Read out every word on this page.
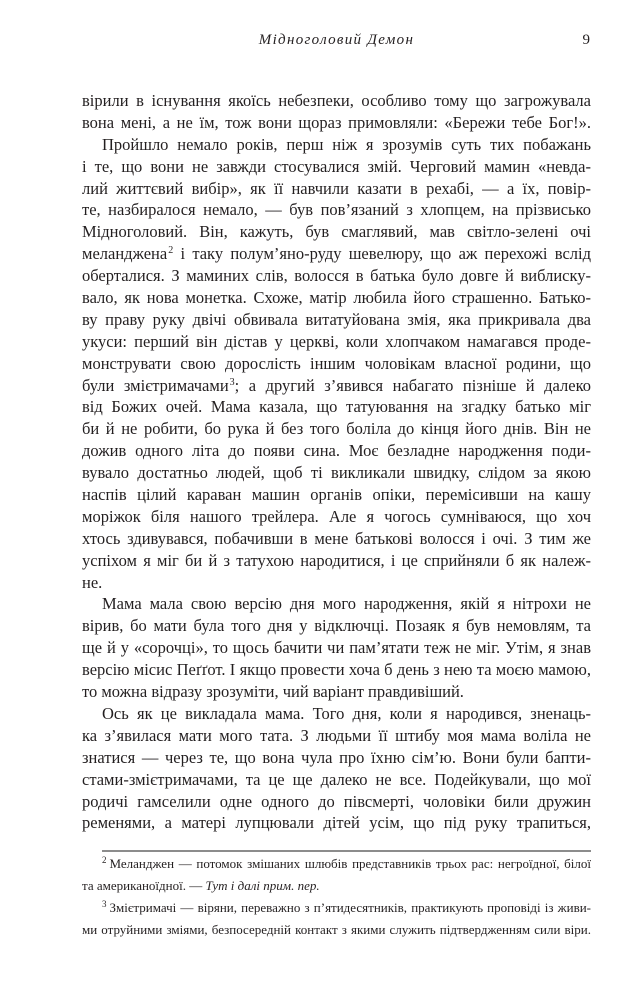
Мідноголовий Демон	9
вірили в існування якоїсь небезпеки, особливо тому що загрожувала
вона мені, а не їм, тож вони щораз примовляли: «Бережи тебе Бог!».
Пройшло немало років, перш ніж я зрозумів суть тих побажань
і те, що вони не завжди стосувалися змій. Черговий мамин «невда-
лий життєвий вибір», як її навчили казати в рехабі, — а їх, повір-
те, назбиралося немало, — був пов’язаний з хлопцем, на прізвисько
Мідноголовий. Він, кажуть, був смаглявий, мав світло-зелені очі
меланджена$^2$ і таку полум’яно-руду шевелюру, що аж перехожі вслід
оберталися. З маминих слів, волосся в батька було довге й виблиску-
вало, як нова монетка. Схоже, матір любила його страшенно. Батько-
ву праву руку двічі обвивала витатуйована змія, яка прикривала два
укуси: перший він дістав у церкві, коли хлопчаком намагався проде-
монструвати свою дорослість іншим чоловікам власної родини, що
були змієтримачами$^3$; а другий з’явився набагато пізніше й далеко
від Божих очей. Мама казала, що татуювання на згадку батько міг
би й не робити, бо рука й без того боліла до кінця його днів. Він не
дожив одного літа до появи сина. Моє безладне народження поди-
вувало достатньо людей, щоб ті викликали швидку, слідом за якою
наспів цілий караван машин органів опіки, перемісивши на кашу
моріжок біля нашого трейлера. Але я чогось сумніваюся, що хоч
хтось здивувався, побачивши в мене батькові волосся і очі. З тим же
успіхом я міг би й з татухою народитися, і це сприйняли б як належ-
не.
Мама мала свою версію дня мого народження, якій я нітрохи не
вірив, бо мати була того дня у відключці. Позаяк я був немовлям, та
ще й у «сорочці», то щось бачити чи пам’ятати теж не міг. Утім, я знав
версію місис Пеґґот. І якщо провести хоча б день з нею та моєю мамою,
то можна відразу зрозуміти, чий варіант правдивіший.
Ось як це викладала мама. Того дня, коли я народився, зненаць-
ка з’явилася мати мого тата. З людьми її штибу моя мама воліла не
знатися — через те, що вона чула про їхню сім’ю. Вони були бапти-
стами-змієтримачами, та це ще далеко не все. Подейкували, що мої
родичі гамселили одне одного до півсмерті, чоловіки били дружин
ременями, а матері лупцювали дітей усім, що під руку трапиться,
$^2$ Меланджен — потомок змішаних шлюбів представників трьох рас: негроїдної, білої
та американоїдної. — Тут і далі прим. пер.
$^3$ Змієтримачі — віряни, переважно з п’ятидесятників, практикують проповіді із живи-
ми отруйними зміями, безпосередній контакт з якими служить підтвердженням сили віри.
